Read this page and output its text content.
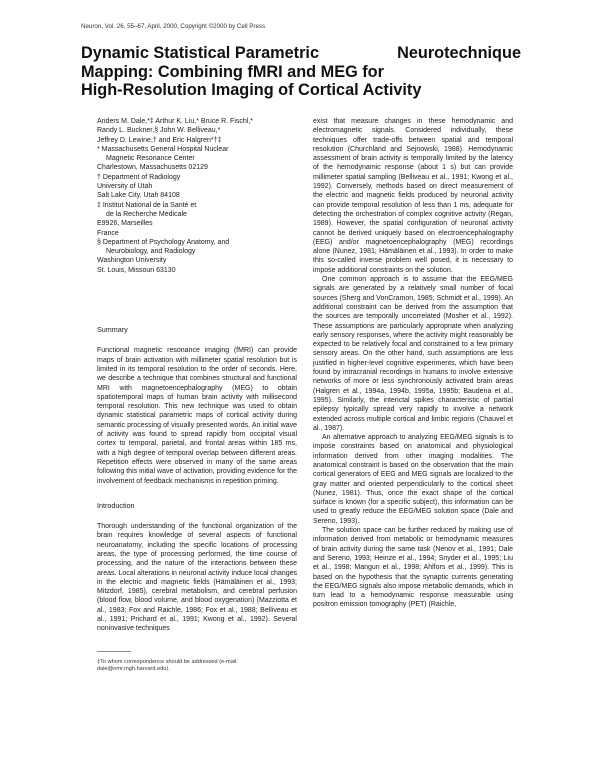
Neuron, Vol. 26, 55–67, April, 2000, Copyright ©2000 by Cell Press
Dynamic Statistical Parametric	Neurotechnique
Mapping: Combining fMRI and MEG for
High-Resolution Imaging of Cortical Activity

Anders M. Dale,*‡ Arthur K. Liu,* Bruce R. Fischl,*

Randy L. Buckner,§ John W. Belliveau,*

Jeffrey D. Lewine,† and Eric Halgren*†‡

* Massachusetts General Hospital Nuclear

Magnetic Resonance Center

Charlestown, Massachusetts 02129

† Department of Radiology

University of Utah

Salt Lake City, Utah 84108

‡ Institut National de la Santé et

de la Recherche Medicale

E9926, Marseilles

France

§ Department of Psychology Anatomy, and

Neurobiology, and Radiology

Washington University

St. Louis, Missouri 63130

Summary

Functional magnetic resonance imaging (fMRI) can provide maps of brain activation with millimeter spatial resolution but is limited in its temporal resolution to the order of seconds. Here, we describe a technique that combines structural and functional MRI with magnetoencephalography (MEG) to obtain spatiotemporal maps of human brain activity with millisecond temporal resolution. This new technique was used to obtain dynamic statistical parametric maps of cortical activity during semantic processing of visually presented words. An initial wave of activity was found to spread rapidly from occipital visual cortex to temporal, parietal, and frontal areas within 185 ms, with a high degree of temporal overlap between different areas. Repetition effects were observed in many of the same areas following this initial wave of activation, providing evidence for the involvement of feedback mechanisms in repetition priming.

Introduction

Thorough understanding of the functional organization of the brain requires knowledge of several aspects of functional neuroanatomy, including the specific locations of processing areas, the type of processing performed, the time course of processing, and the nature of the interactions between these areas. Local alterations in neuronal activity induce local changes in the electric and magnetic fields (Hämäläinen et al., 1993; Mitzdorf, 1985), cerebral metabolism, and cerebral perfusion (blood flow, blood volume, and blood oxygenation) (Mazziotta et al., 1983; Fox and Raichle, 1986; Fox et al., 1988; Belliveau et al., 1991; Prichard et al., 1991; Kwong et al., 1992). Several noninvasive techniques

exist that measure changes in these hemodynamic and electromagnetic signals. Considered individually, these techniques offer trade-offs between spatial and temporal resolution (Churchland and Sejnowski, 1988). Hemodynamic assessment of brain activity is temporally limited by the latency of the hemodynamic response (about 1 s) but can provide millimeter spatial sampling (Belliveau et al., 1991; Kwong et al., 1992). Conversely, methods based on direct measurement of the electric and magnetic fields produced by neuronal activity can provide temporal resolution of less than 1 ms, adequate for detecting the orchestration of complex cognitive activity (Regan, 1989). However, the spatial configuration of neuronal activity cannot be derived uniquely based on electroencephalography (EEG) and/or magnetoencephalography (MEG) recordings alone (Nunez, 1981; Hämäläinen et al., 1993). In order to make this so-called inverse problem well posed, it is necessary to impose additional constraints on the solution.

One common approach is to assume that the EEG/MEG signals are generated by a relatively small number of focal sources (Sherg and VonCramon, 1985; Schmidt et al., 1999). An additional constraint can be derived from the assumption that the sources are temporally uncorrelated (Mosher et al., 1992). These assumptions are particularly appropriate when analyzing early sensory responses, where the activity might reasonably be expected to be relatively focal and constrained to a few primary sensory areas. On the other hand, such assumptions are less justified in higher-level cognitive experiments, which have been found by intracranial recordings in humans to involve extensive networks of more or less synchronously activated brain areas (Halgren et al., 1994a, 1994b, 1995a, 1995b; Baudena et al., 1995). Similarly, the interictal spikes characteristic of partial epilepsy typically spread very rapidly to involve a network extended across multiple cortical and limbic regions (Chauvel et al., 1987).

An alternative approach to analyzing EEG/MEG signals is to impose constraints based on anatomical and physiological information derived from other imaging modalities. The anatomical constraint is based on the observation that the main cortical generators of EEG and MEG signals are localized to the gray matter and oriented perpendicularly to the cortical sheet (Nunez, 1981). Thus, once the exact shape of the cortical surface is known (for a specific subject), this information can be used to greatly reduce the EEG/MEG solution space (Dale and Sereno, 1993).

The solution space can be further reduced by making use of information derived from metabolic or hemodynamic measures of brain activity during the same task (Nenov et al., 1991; Dale and Sereno, 1993; Heinze et al., 1994; Snyder et al., 1995; Liu et al., 1998; Mangun et al., 1998; Ahlfors et al., 1999). This is based on the hypothesis that the synaptic currents generating the EEG/MEG signals also impose metabolic demands, which in turn lead to a hemodynamic response measurable using positron emission tomography (PET) (Raichle,

‡To whom correspondence should be addressed (e-mail: dale@nmr.mgh.harvard.edu).
